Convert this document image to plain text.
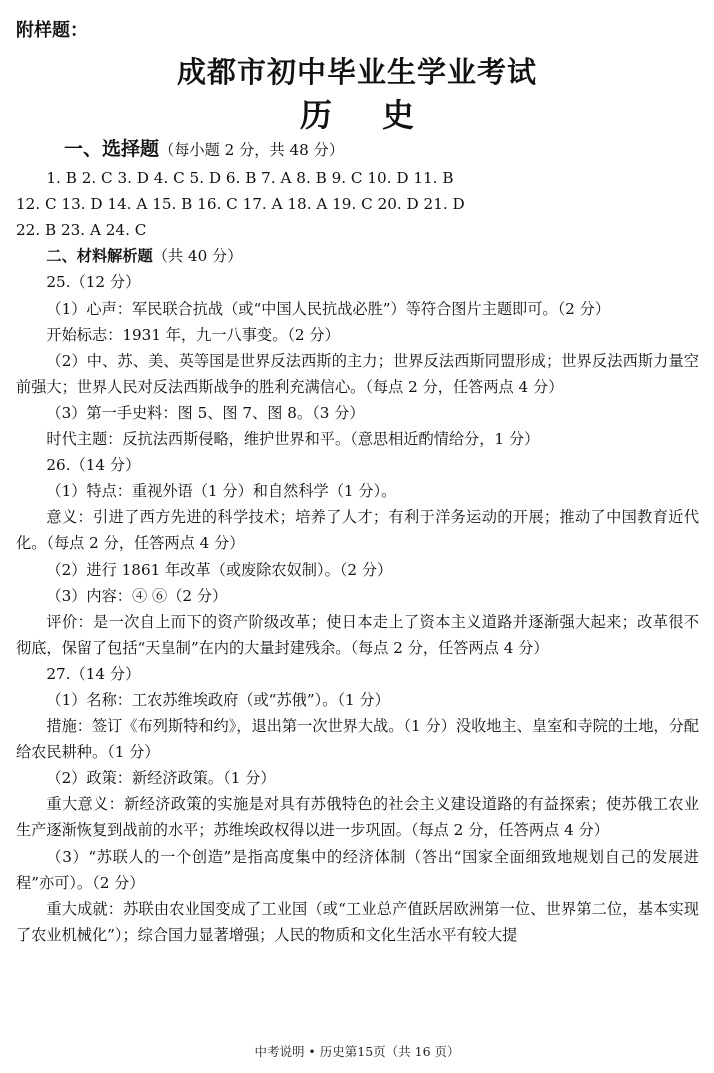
附样题：
成都市初中毕业生学业考试
历史
一、选择题（每小题 2 分，共 48 分）
1. B 2. C 3. D 4. C 5. D 6. B 7. A 8. B 9. C 10. D 11. B
12. C 13. D 14. A 15. B 16. C 17. A 18. A 19. C 20. D 21. D
22. B 23. A 24. C
二、材料解析题（共 40 分）
25.（12 分）
（1）心声：军民联合抗战（或“中国人民抗战必胜”）等符合图片主题即可。（2 分）
开始标志：1931 年，九一八事变。（2 分）
（2）中、苏、美、英等国是世界反法西斯的主力；世界反法西斯同盟形成；世界反法西斯力量空前强大；世界人民对反法西斯战争的胜利充满信心。（每点 2 分，任答两点 4 分）
（3）第一手史料：图 5、图 7、图 8。（3 分）
时代主题：反抗法西斯侵略，维护世界和平。（意思相近酌情给分，1 分）
26.（14 分）
（1）特点：重视外语（1 分）和自然科学（1 分）。
意义：引进了西方先进的科学技术；培养了人才；有利于洋务运动的开展；推动了中国教育近代化。（每点 2 分，任答两点 4 分）
（2）进行 1861 年改革（或废除农奴制）。（2 分）
（3）内容：④ ⑥（2 分）
评价：是一次自上而下的资产阶级改革；使日本走上了资本主义道路并逐渐强大起来；改革很不彻底，保留了包括“天皇制”在内的大量封建残余。（每点 2 分，任答两点 4 分）
27.（14 分）
（1）名称：工农苏维埃政府（或“苏俄”）。（1 分）
措施：签订《布列斯特和约》，退出第一次世界大战。（1 分）没收地主、皇室和寺院的土地，分配给农民耕种。（1 分）
（2）政策：新经济政策。（1 分）
重大意义：新经济政策的实施是对具有苏俄特色的社会主义建设道路的有益探索；使苏俄工农业生产逐渐恢复到战前的水平；苏维埃政权得以进一步巩固。（每点 2 分，任答两点 4 分）
（3）“苏联人的一个创造”是指高度集中的经济体制（答出“国家全面细致地规划自己的发展进程”亦可）。（2 分）
重大成就：苏联由农业国变成了工业国（或“工业总产值跃居欧洲第一位、世界第二位，基本实现了农业机械化”）；综合国力显著增强；人民的物质和文化生活水平有较大提
中考说明 • 历史第15页（共 16 页）
